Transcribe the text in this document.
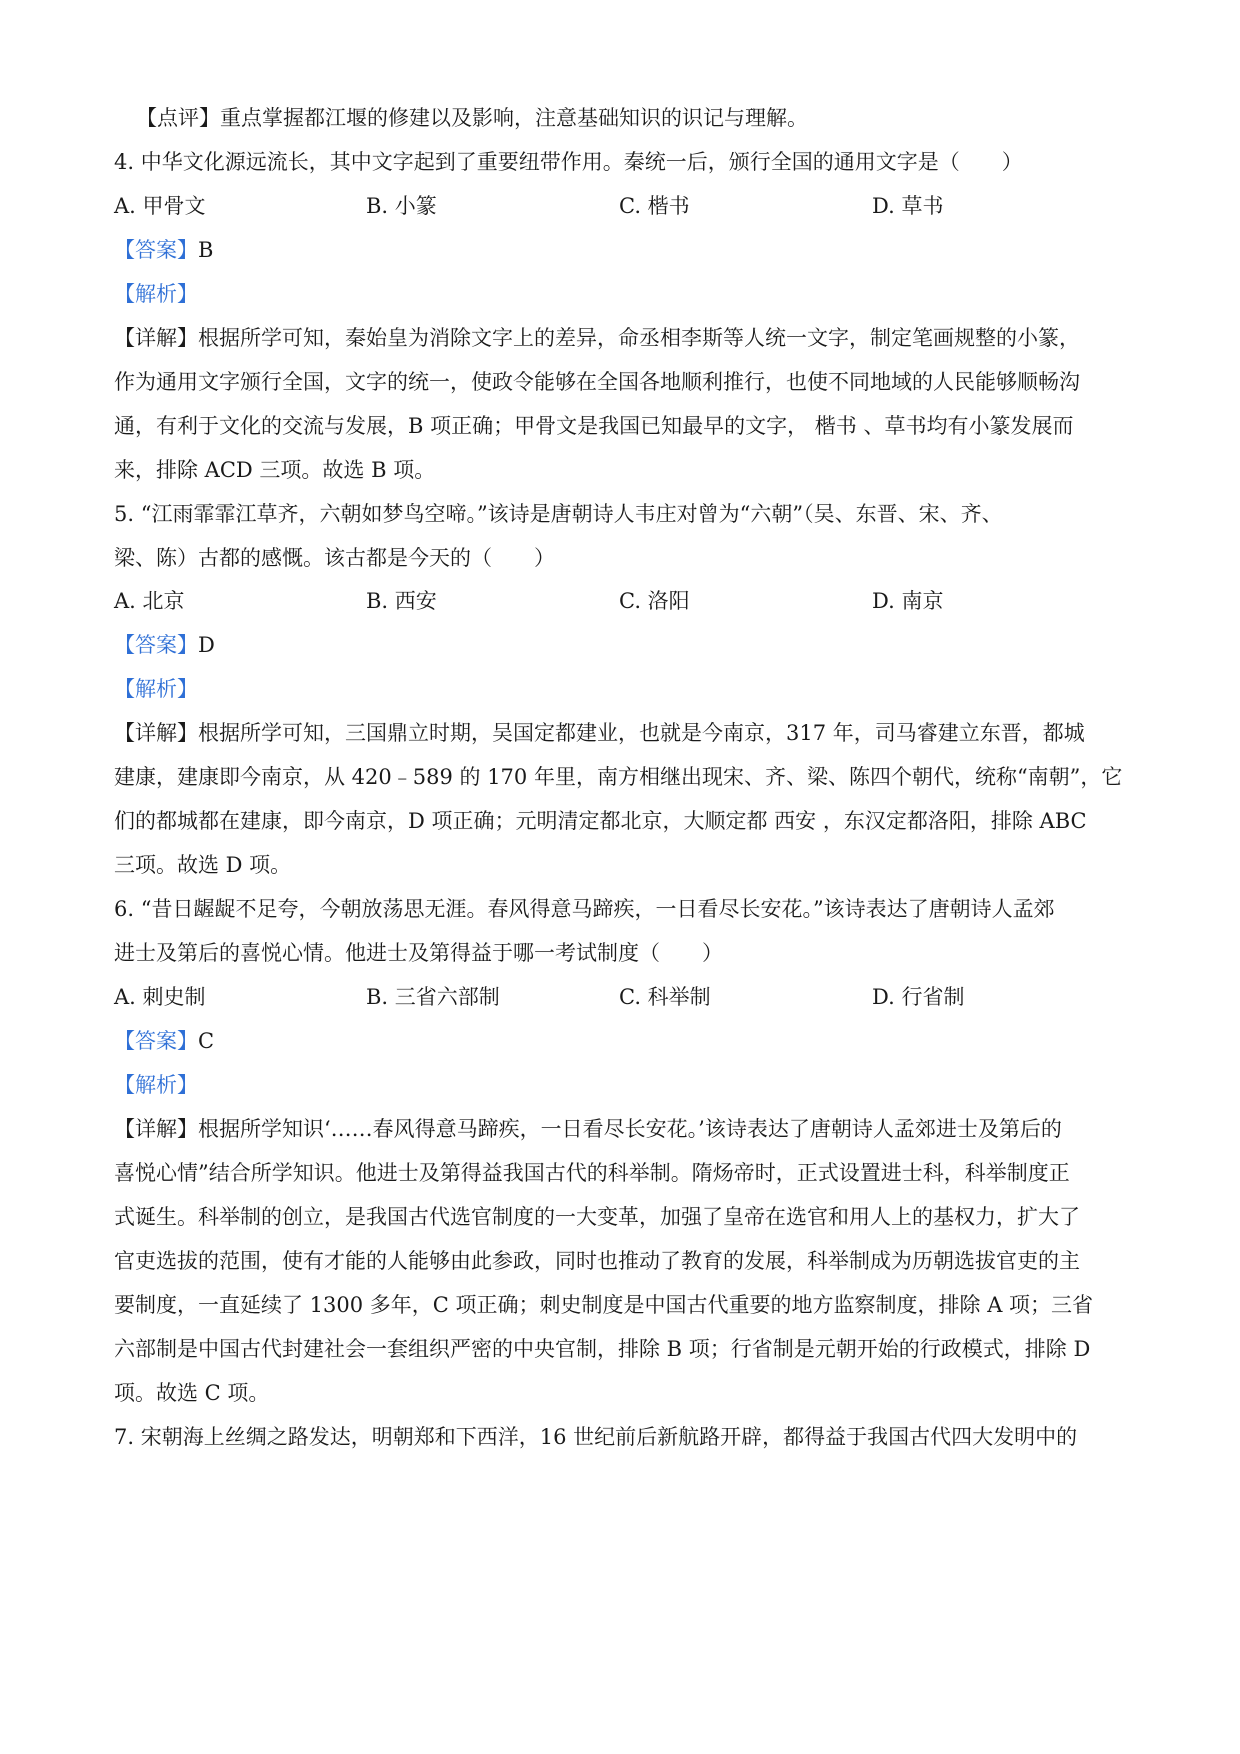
【点评】重点掌握都江堰的修建以及影响，注意基础知识的识记与理解。
4. 中华文化源远流长，其中文字起到了重要纽带作用。秦统一后，颁行全国的通用文字是（　　）
A. 甲骨文	B. 小篆	C. 楷书	D. 草书
【答案】B
【解析】
【详解】根据所学可知，秦始皇为消除文字上的差异，命丞相李斯等人统一文字，制定笔画规整的小篆，
作为通用文字颁行全国，文字的统一，使政令能够在全国各地顺利推行，也使不同地域的人民能够顺畅沟
通，有利于文化的交流与发展，B 项正确；甲骨文是我国已知最早的文字， 楷书 、草书均有小篆发展而
来，排除 ACD 三项。故选 B 项。
5. “江雨霏霏江草齐，六朝如梦鸟空啼。”该诗是唐朝诗人韦庄对曾为“六朝”（吴、东晋、宋、齐、
梁、陈）古都的感慨。该古都是今天的（　　）
A. 北京	B. 西安	C. 洛阳	D. 南京
【答案】D
【解析】
【详解】根据所学可知，三国鼎立时期，吴国定都建业，也就是今南京，317 年，司马睿建立东晋，都城
建康，建康即今南京，从 420﹣589 的 170 年里，南方相继出现宋、齐、梁、陈四个朝代，统称“南朝”，它
们的都城都在建康，即今南京，D 项正确；元明清定都北京，大顺定都 西安 ，东汉定都洛阳，排除 ABC
三项。故选 D 项。
6. “昔日龌龊不足夸，今朝放荡思无涯。春风得意马蹄疾，一日看尽长安花。”该诗表达了唐朝诗人孟郊
进士及第后的喜悦心情。他进士及第得益于哪一考试制度（　　）
A. 刺史制	B. 三省六部制	C. 科举制	D. 行省制
【答案】C
【解析】
【详解】根据所学知识‘……春风得意马蹄疾，一日看尽长安花。’该诗表达了唐朝诗人孟郊进士及第后的
喜悦心情”结合所学知识。他进士及第得益我国古代的科举制。隋炀帝时，正式设置进士科，科举制度正
式诞生。科举制的创立，是我国古代选官制度的一大变革，加强了皇帝在选官和用人上的基权力，扩大了
官吏选拔的范围，使有才能的人能够由此参政，同时也推动了教育的发展，科举制成为历朝选拔官吏的主
要制度，一直延续了 1300 多年，C 项正确；刺史制度是中国古代重要的地方监察制度，排除 A 项；三省
六部制是中国古代封建社会一套组织严密的中央官制，排除 B 项；行省制是元朝开始的行政模式，排除 D
项。故选 C 项。
7. 宋朝海上丝绸之路发达，明朝郑和下西洋，16 世纪前后新航路开辟，都得益于我国古代四大发明中的
